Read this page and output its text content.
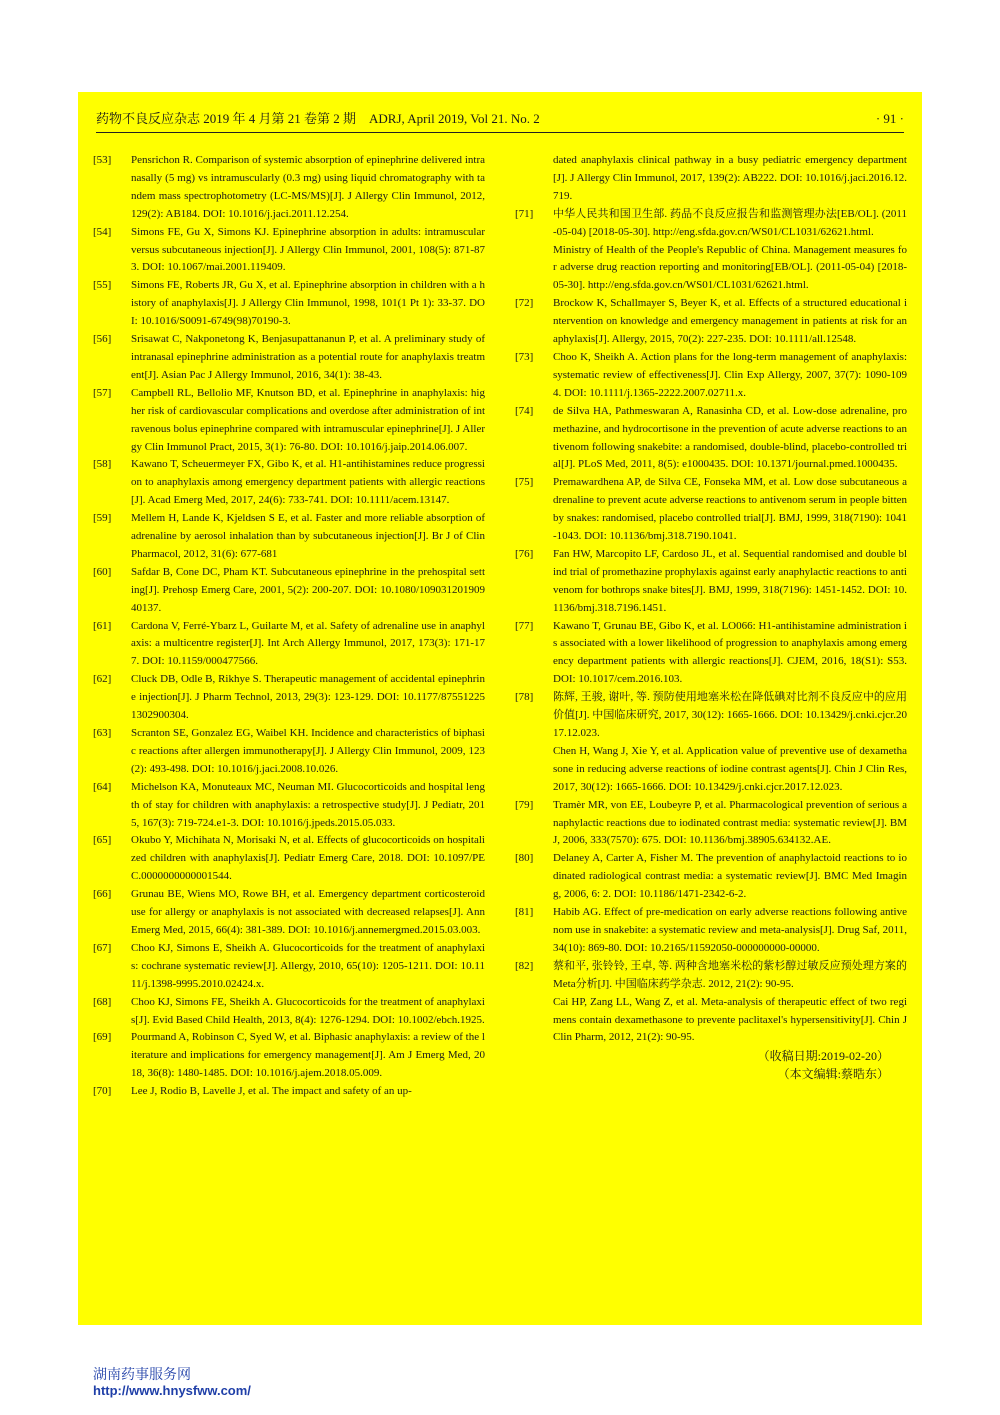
药物不良反应杂志 2019 年 4 月第 21 卷第 2 期　ADRJ, April 2019, Vol 21. No. 2	· 91 ·
[53]	Pensrichon R. Comparison of systemic absorption of epinephrine delivered intranasally (5 mg) vs intramuscularly (0.3 mg) using liquid chromatography with tandem mass spectrophotometry (LC-MS/MS)[J]. J Allergy Clin Immunol, 2012, 129(2): AB184. DOI: 10.1016/j.jaci.2011.12.254.
[54]	Simons FE, Gu X, Simons KJ. Epinephrine absorption in adults: intramuscular versus subcutaneous injection[J]. J Allergy Clin Immunol, 2001, 108(5): 871-873. DOI: 10.1067/mai.2001.119409.
[55]	Simons FE, Roberts JR, Gu X, et al. Epinephrine absorption in children with a history of anaphylaxis[J]. J Allergy Clin Immunol, 1998, 101(1 Pt 1): 33-37. DOI: 10.1016/S0091-6749(98)70190-3.
[56]	Srisawat C, Nakponetong K, Benjasupattananun P, et al. A preliminary study of intranasal epinephrine administration as a potential route for anaphylaxis treatment[J]. Asian Pac J Allergy Immunol, 2016, 34(1): 38-43.
[57]	Campbell RL, Bellolio MF, Knutson BD, et al. Epinephrine in anaphylaxis: higher risk of cardiovascular complications and overdose after administration of intravenous bolus epinephrine compared with intramuscular epinephrine[J]. J Allergy Clin Immunol Pract, 2015, 3(1): 76-80. DOI: 10.1016/j.jaip.2014.06.007.
[58]	Kawano T, Scheuermeyer FX, Gibo K, et al. H1-antihistamines reduce progression to anaphylaxis among emergency department patients with allergic reactions[J]. Acad Emerg Med, 2017, 24(6): 733-741. DOI: 10.1111/acem.13147.
[59]	Mellem H, Lande K, Kjeldsen S E, et al. Faster and more reliable absorption of adrenaline by aerosol inhalation than by subcutaneous injection[J]. Br J of Clin Pharmacol, 2012, 31(6): 677-681
[60]	Safdar B, Cone DC, Pham KT. Subcutaneous epinephrine in the prehospital setting[J]. Prehosp Emerg Care, 2001, 5(2): 200-207. DOI: 10.1080/10903120190940137.
[61]	Cardona V, Ferré-Ybarz L, Guilarte M, et al. Safety of adrenaline use in anaphylaxis: a multicentre register[J]. Int Arch Allergy Immunol, 2017, 173(3): 171-177. DOI: 10.1159/000477566.
[62]	Cluck DB, Odle B, Rikhye S. Therapeutic management of accidental epinephrine injection[J]. J Pharm Technol, 2013, 29(3): 123-129. DOI: 10.1177/875512251302900304.
[63]	Scranton SE, Gonzalez EG, Waibel KH. Incidence and characteristics of biphasic reactions after allergen immunotherapy[J]. J Allergy Clin Immunol, 2009, 123(2): 493-498. DOI: 10.1016/j.jaci.2008.10.026.
[64]	Michelson KA, Monuteaux MC, Neuman MI. Glucocorticoids and hospital length of stay for children with anaphylaxis: a retrospective study[J]. J Pediatr, 2015, 167(3): 719-724.e1-3. DOI: 10.1016/j.jpeds.2015.05.033.
[65]	Okubo Y, Michihata N, Morisaki N, et al. Effects of glucocorticoids on hospitalized children with anaphylaxis[J]. Pediatr Emerg Care, 2018. DOI: 10.1097/PEC.0000000000001544.
[66]	Grunau BE, Wiens MO, Rowe BH, et al. Emergency department corticosteroid use for allergy or anaphylaxis is not associated with decreased relapses[J]. Ann Emerg Med, 2015, 66(4): 381-389. DOI: 10.1016/j.annemergmed.2015.03.003.
[67]	Choo KJ, Simons E, Sheikh A. Glucocorticoids for the treatment of anaphylaxis: cochrane systematic review[J]. Allergy, 2010, 65(10): 1205-1211. DOI: 10.1111/j.1398-9995.2010.02424.x.
[68]	Choo KJ, Simons FE, Sheikh A. Glucocorticoids for the treatment of anaphylaxis[J]. Evid Based Child Health, 2013, 8(4): 1276-1294. DOI: 10.1002/ebch.1925.
[69]	Pourmand A, Robinson C, Syed W, et al. Biphasic anaphylaxis: a review of the literature and implications for emergency management[J]. Am J Emerg Med, 2018, 36(8): 1480-1485. DOI: 10.1016/j.ajem.2018.05.009.
[70]	Lee J, Rodio B, Lavelle J, et al. The impact and safety of an up-

dated anaphylaxis clinical pathway in a busy pediatric emergency department[J]. J Allergy Clin Immunol, 2017, 139(2): AB222. DOI: 10.1016/j.jaci.2016.12.719.

[71]	中华人民共和国卫生部. 药品不良反应报告和监测管理办法[EB/OL]. (2011-05-04) [2018-05-30]. http://eng.sfda.gov.cn/WS01/CL1031/62621.html.

Ministry of Health of the People's Republic of China. Management measures for adverse drug reaction reporting and monitoring[EB/OL]. (2011-05-04) [2018-05-30]. http://eng.sfda.gov.cn/WS01/CL1031/62621.html.

[72]	Brockow K, Schallmayer S, Beyer K, et al. Effects of a structured educational intervention on knowledge and emergency management in patients at risk for anaphylaxis[J]. Allergy, 2015, 70(2): 227-235. DOI: 10.1111/all.12548.

[73]	Choo K, Sheikh A. Action plans for the long-term management of anaphylaxis: systematic review of effectiveness[J]. Clin Exp Allergy, 2007, 37(7): 1090-1094. DOI: 10.1111/j.1365-2222.2007.02711.x.

[74]	de Silva HA, Pathmeswaran A, Ranasinha CD, et al. Low-dose adrenaline, promethazine, and hydrocortisone in the prevention of acute adverse reactions to antivenom following snakebite: a randomised, double-blind, placebo-controlled trial[J]. PLoS Med, 2011, 8(5): e1000435. DOI: 10.1371/journal.pmed.1000435.

[75]	Premawardhena AP, de Silva CE, Fonseka MM, et al. Low dose subcutaneous adrenaline to prevent acute adverse reactions to antivenom serum in people bitten by snakes: randomised, placebo controlled trial[J]. BMJ, 1999, 318(7190): 1041-1043. DOI: 10.1136/bmj.318.7190.1041.

[76]	Fan HW, Marcopito LF, Cardoso JL, et al. Sequential randomised and double blind trial of promethazine prophylaxis against early anaphylactic reactions to antivenom for bothrops snake bites[J]. BMJ, 1999, 318(7196): 1451-1452. DOI: 10.1136/bmj.318.7196.1451.

[77]	Kawano T, Grunau BE, Gibo K, et al. LO066: H1-antihistamine administration is associated with a lower likelihood of progression to anaphylaxis among emergency department patients with allergic reactions[J]. CJEM, 2016, 18(S1): S53. DOI: 10.1017/cem.2016.103.

[78]	陈辉, 王骏, 谢叶, 等. 预防使用地塞米松在降低碘对比剂不良反应中的应用价值[J]. 中国临床研究, 2017, 30(12): 1665-1666. DOI: 10.13429/j.cnki.cjcr.2017.12.023.

Chen H, Wang J, Xie Y, et al. Application value of preventive use of dexamethasone in reducing adverse reactions of iodine contrast agents[J]. Chin J Clin Res, 2017, 30(12): 1665-1666. DOI: 10.13429/j.cnki.cjcr.2017.12.023.

[79]	Tramèr MR, von EE, Loubeyre P, et al. Pharmacological prevention of serious anaphylactic reactions due to iodinated contrast media: systematic review[J]. BMJ, 2006, 333(7570): 675. DOI: 10.1136/bmj.38905.634132.AE.

[80]	Delaney A, Carter A, Fisher M. The prevention of anaphylactoid reactions to iodinated radiological contrast media: a systematic review[J]. BMC Med Imaging, 2006, 6: 2. DOI: 10.1186/1471-2342-6-2.

[81]	Habib AG. Effect of pre-medication on early adverse reactions following antivenom use in snakebite: a systematic review and meta-analysis[J]. Drug Saf, 2011, 34(10): 869-80. DOI: 10.2165/11592050-000000000-00000.

[82]	蔡和平, 张铃铃, 王卓, 等. 两种含地塞米松的紫杉醇过敏反应预处理方案的Meta分析[J]. 中国临床药学杂志. 2012, 21(2): 90-95.

Cai HP, Zang LL, Wang Z, et al. Meta-analysis of therapeutic effect of two regimens contain dexamethasone to prevente paclitaxel's hypersensitivity[J]. Chin J Clin Pharm, 2012, 21(2): 90-95.

（收稿日期:2019-02-20）
（本文编辑:蔡晧东）
湖南药事服务网
http://www.hnysfww.com/
